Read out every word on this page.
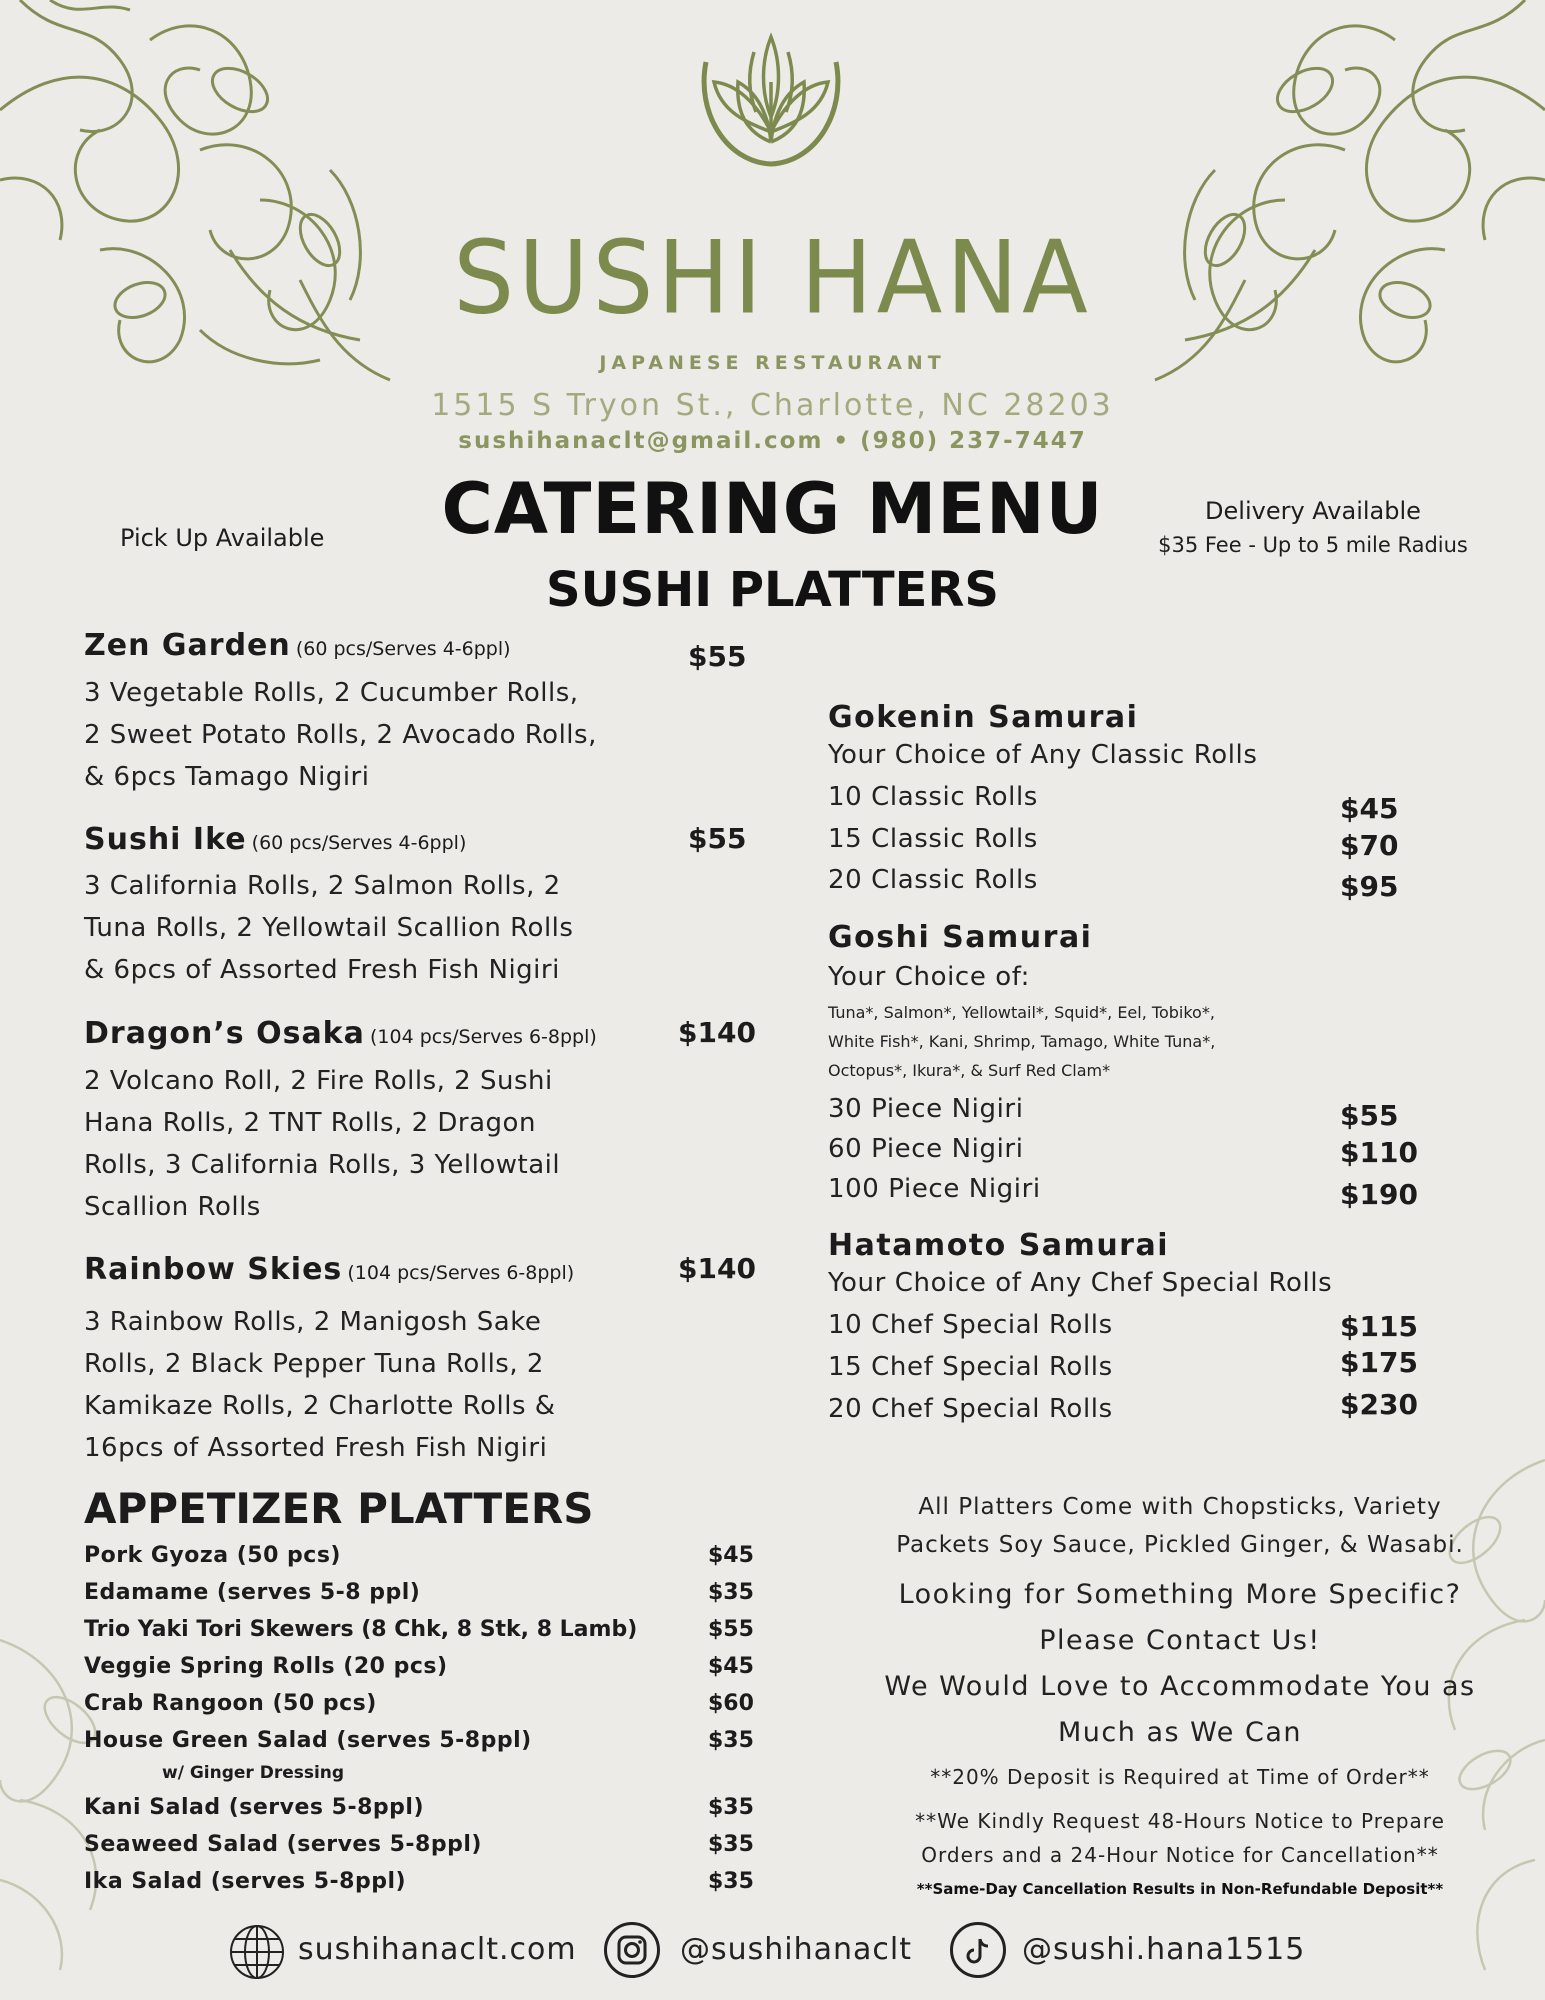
SUSHI HANA
JAPANESE RESTAURANT
1515 S Tryon St., Charlotte, NC 28203
sushihanaclt@gmail.com • (980) 237-7447
CATERING MENU
Pick Up Available
Delivery Available
$35 Fee - Up to 5 mile Radius
SUSHI PLATTERS
Zen Garden (60 pcs/Serves 4-6ppl)	$55
3 Vegetable Rolls, 2 Cucumber Rolls,
2 Sweet Potato Rolls, 2 Avocado Rolls,
& 6pcs Tamago Nigiri
Sushi Ike (60 pcs/Serves 4-6ppl)	$55
3 California Rolls, 2 Salmon Rolls, 2
Tuna Rolls, 2 Yellowtail Scallion Rolls
& 6pcs of Assorted Fresh Fish Nigiri
Dragon’s Osaka (104 pcs/Serves 6-8ppl)	$140
2 Volcano Roll, 2 Fire Rolls, 2 Sushi
Hana Rolls, 2 TNT Rolls, 2 Dragon
Rolls, 3 California Rolls, 3 Yellowtail
Scallion Rolls
Rainbow Skies (104 pcs/Serves 6-8ppl)	$140
3 Rainbow Rolls, 2 Manigosh Sake
Rolls, 2 Black Pepper Tuna Rolls, 2
Kamikaze Rolls, 2 Charlotte Rolls &
16pcs of Assorted Fresh Fish Nigiri
Gokenin Samurai
Your Choice of Any Classic Rolls
10 Classic Rolls	$45
15 Classic Rolls	$70
20 Classic Rolls	$95
Goshi Samurai
Your Choice of:
Tuna*, Salmon*, Yellowtail*, Squid*, Eel, Tobiko*,
White Fish*, Kani, Shrimp, Tamago, White Tuna*,
Octopus*, Ikura*, & Surf Red Clam*
30 Piece Nigiri	$55
60 Piece Nigiri	$110
100 Piece Nigiri	$190
Hatamoto Samurai
Your Choice of Any Chef Special Rolls
10 Chef Special Rolls	$115
15 Chef Special Rolls	$175
20 Chef Special Rolls	$230
APPETIZER PLATTERS
Pork Gyoza (50 pcs)	$45
Edamame (serves 5-8 ppl)	$35
Trio Yaki Tori Skewers (8 Chk, 8 Stk, 8 Lamb)	$55
Veggie Spring Rolls (20 pcs)	$45
Crab Rangoon (50 pcs)	$60
House Green Salad (serves 5-8ppl)	$35
w/ Ginger Dressing
Kani Salad (serves 5-8ppl)	$35
Seaweed Salad (serves 5-8ppl)	$35
Ika Salad (serves 5-8ppl)	$35
All Platters Come with Chopsticks, Variety
Packets Soy Sauce, Pickled Ginger, & Wasabi.
Looking for Something More Specific?
Please Contact Us!
We Would Love to Accommodate You as
Much as We Can
**20% Deposit is Required at Time of Order**
**We Kindly Request 48-Hours Notice to Prepare
Orders and a 24-Hour Notice for Cancellation**
**Same-Day Cancellation Results in Non-Refundable Deposit**
sushihanaclt.com	@sushihanaclt	@sushi.hana1515
